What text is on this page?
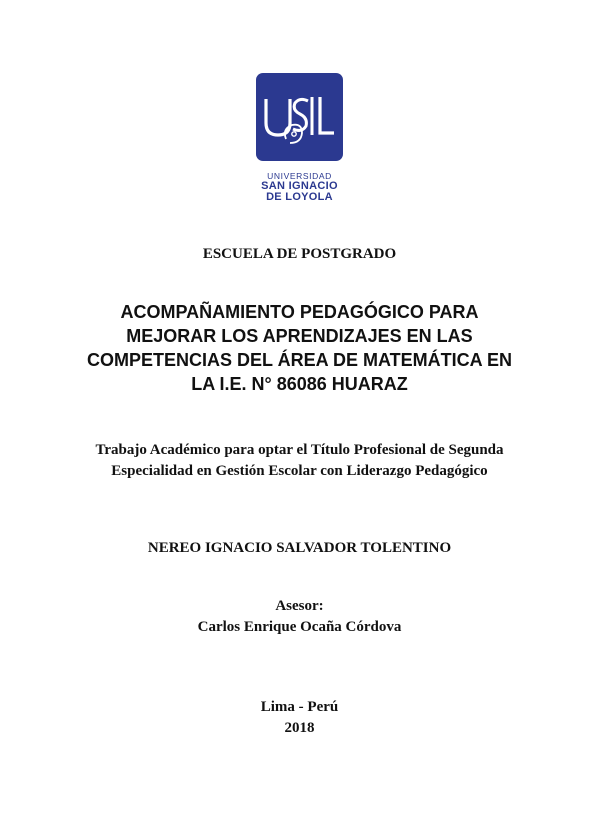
UNIVERSIDAD
SAN IGNACIO
DE LOYOLA
ESCUELA DE POSTGRADO
ACOMPAÑAMIENTO PEDAGÓGICO PARA
MEJORAR LOS APRENDIZAJES EN LAS
COMPETENCIAS DEL ÁREA DE MATEMÁTICA EN
LA I.E. N° 86086 HUARAZ
Trabajo Académico para optar el Título Profesional de Segunda
Especialidad en Gestión Escolar con Liderazgo Pedagógico
NEREO IGNACIO SALVADOR TOLENTINO
Asesor:
Carlos Enrique Ocaña Córdova
Lima - Perú
2018
